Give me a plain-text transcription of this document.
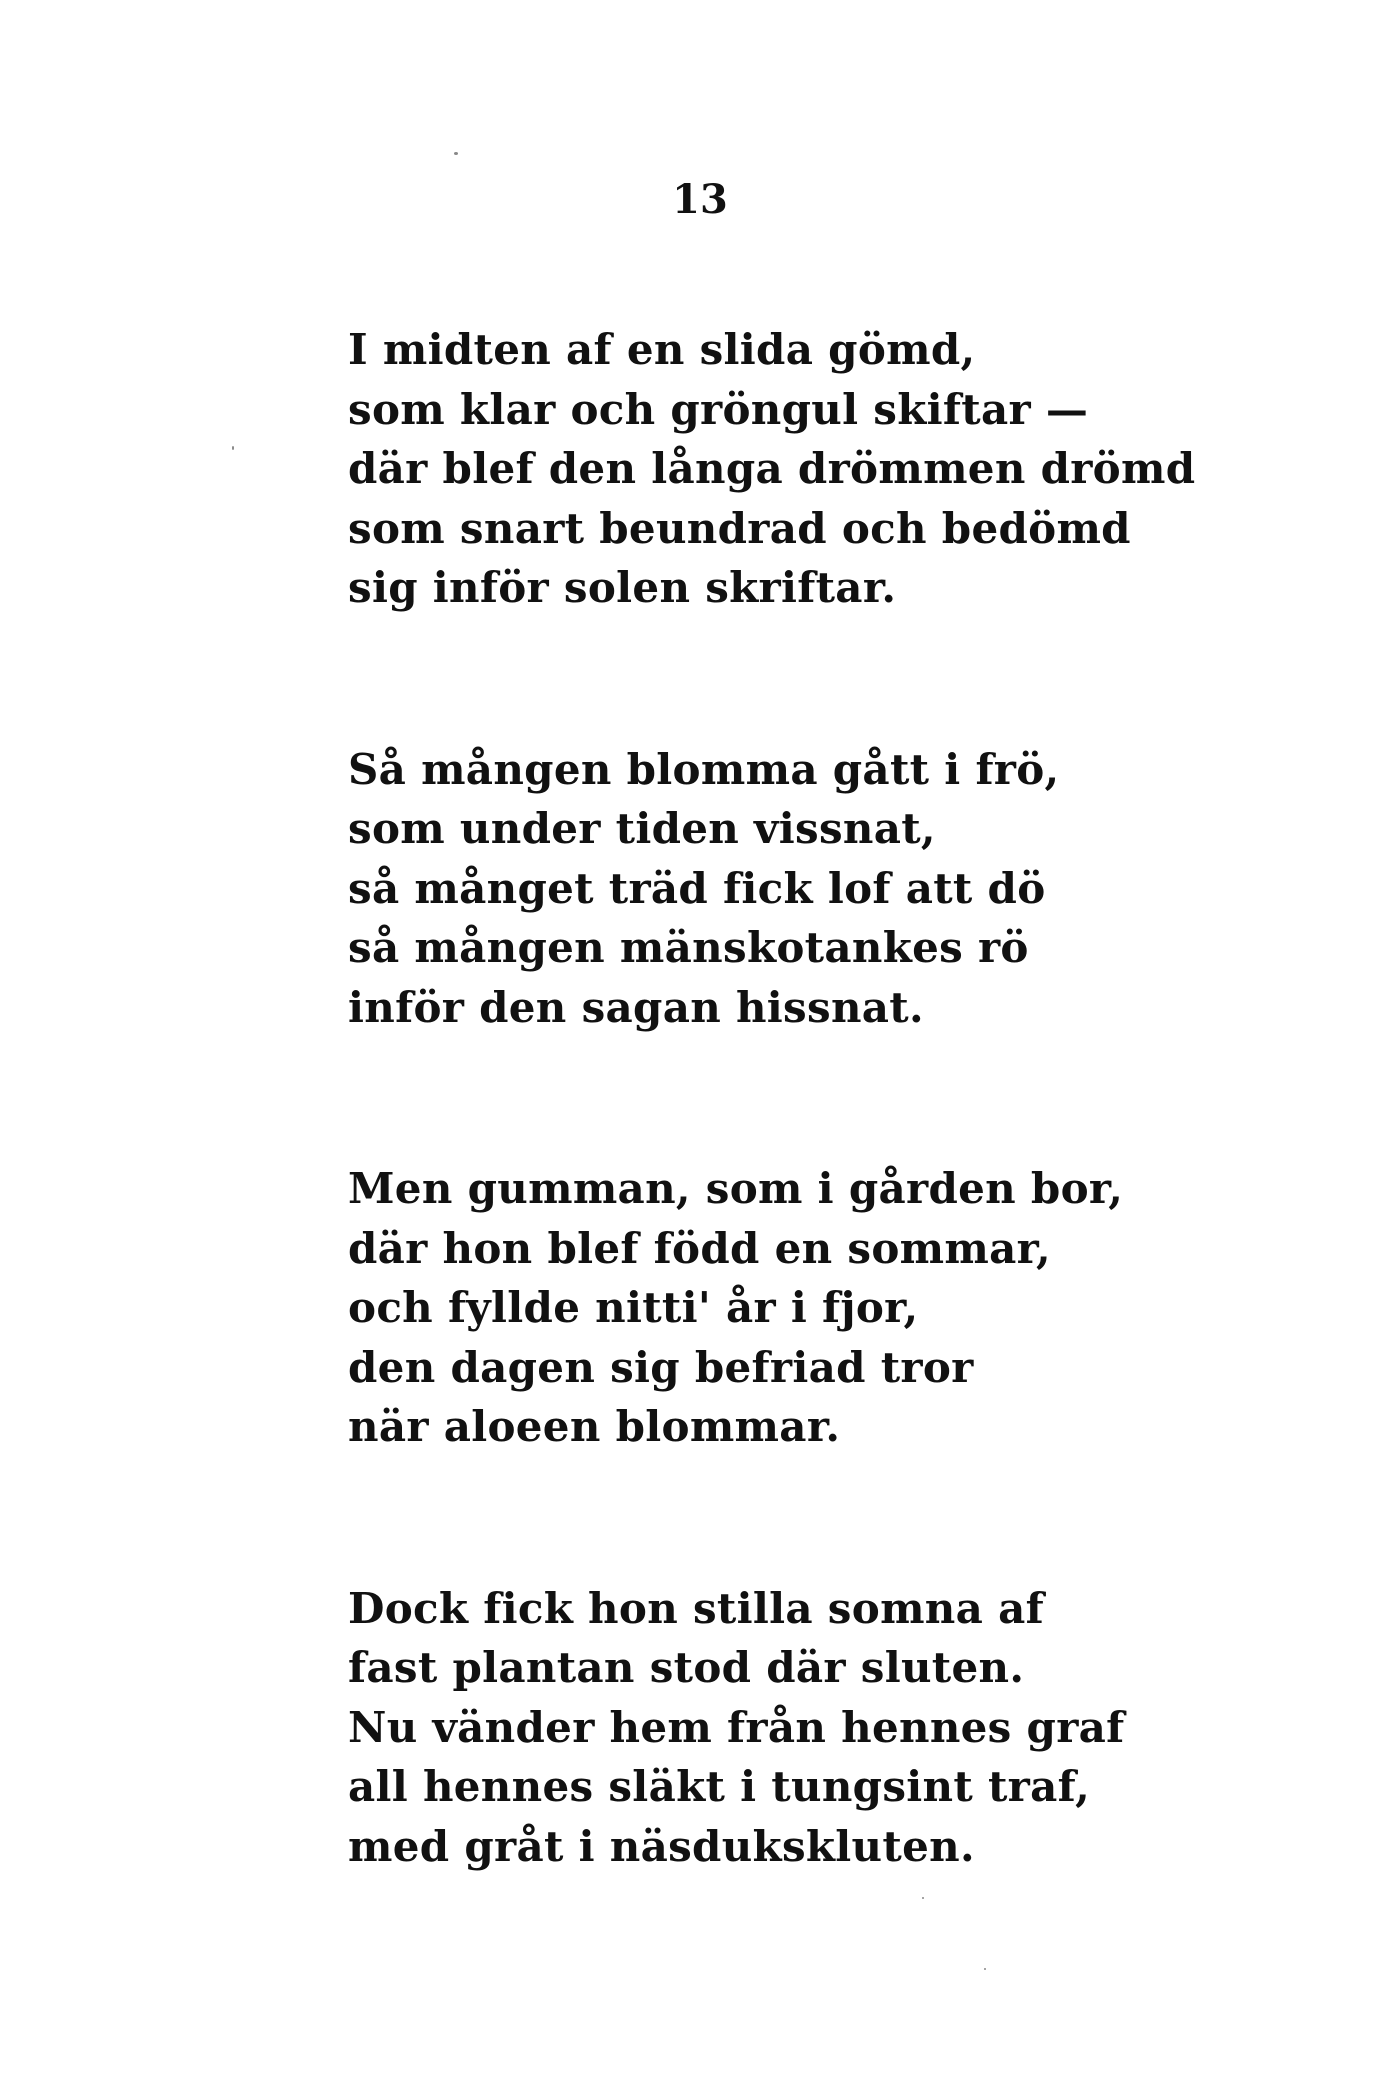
13
I midten af en slida gömd,
som klar och gröngul skiftar —
där blef den långa drömmen drömd
som snart beundrad och bedömd
sig inför solen skriftar.
Så mången blomma gått i frö,
som under tiden vissnat,
så månget träd fick lof att dö
så mången mänskotankes rö
inför den sagan hissnat.
Men gumman, som i gården bor,
där hon blef född en sommar,
och fyllde nitti' år i fjor,
den dagen sig befriad tror
när aloeen blommar.
Dock fick hon stilla somna af
fast plantan stod där sluten.
Nu vänder hem från hennes graf
all hennes släkt i tungsint traf,
med gråt i näsdukskluten.
